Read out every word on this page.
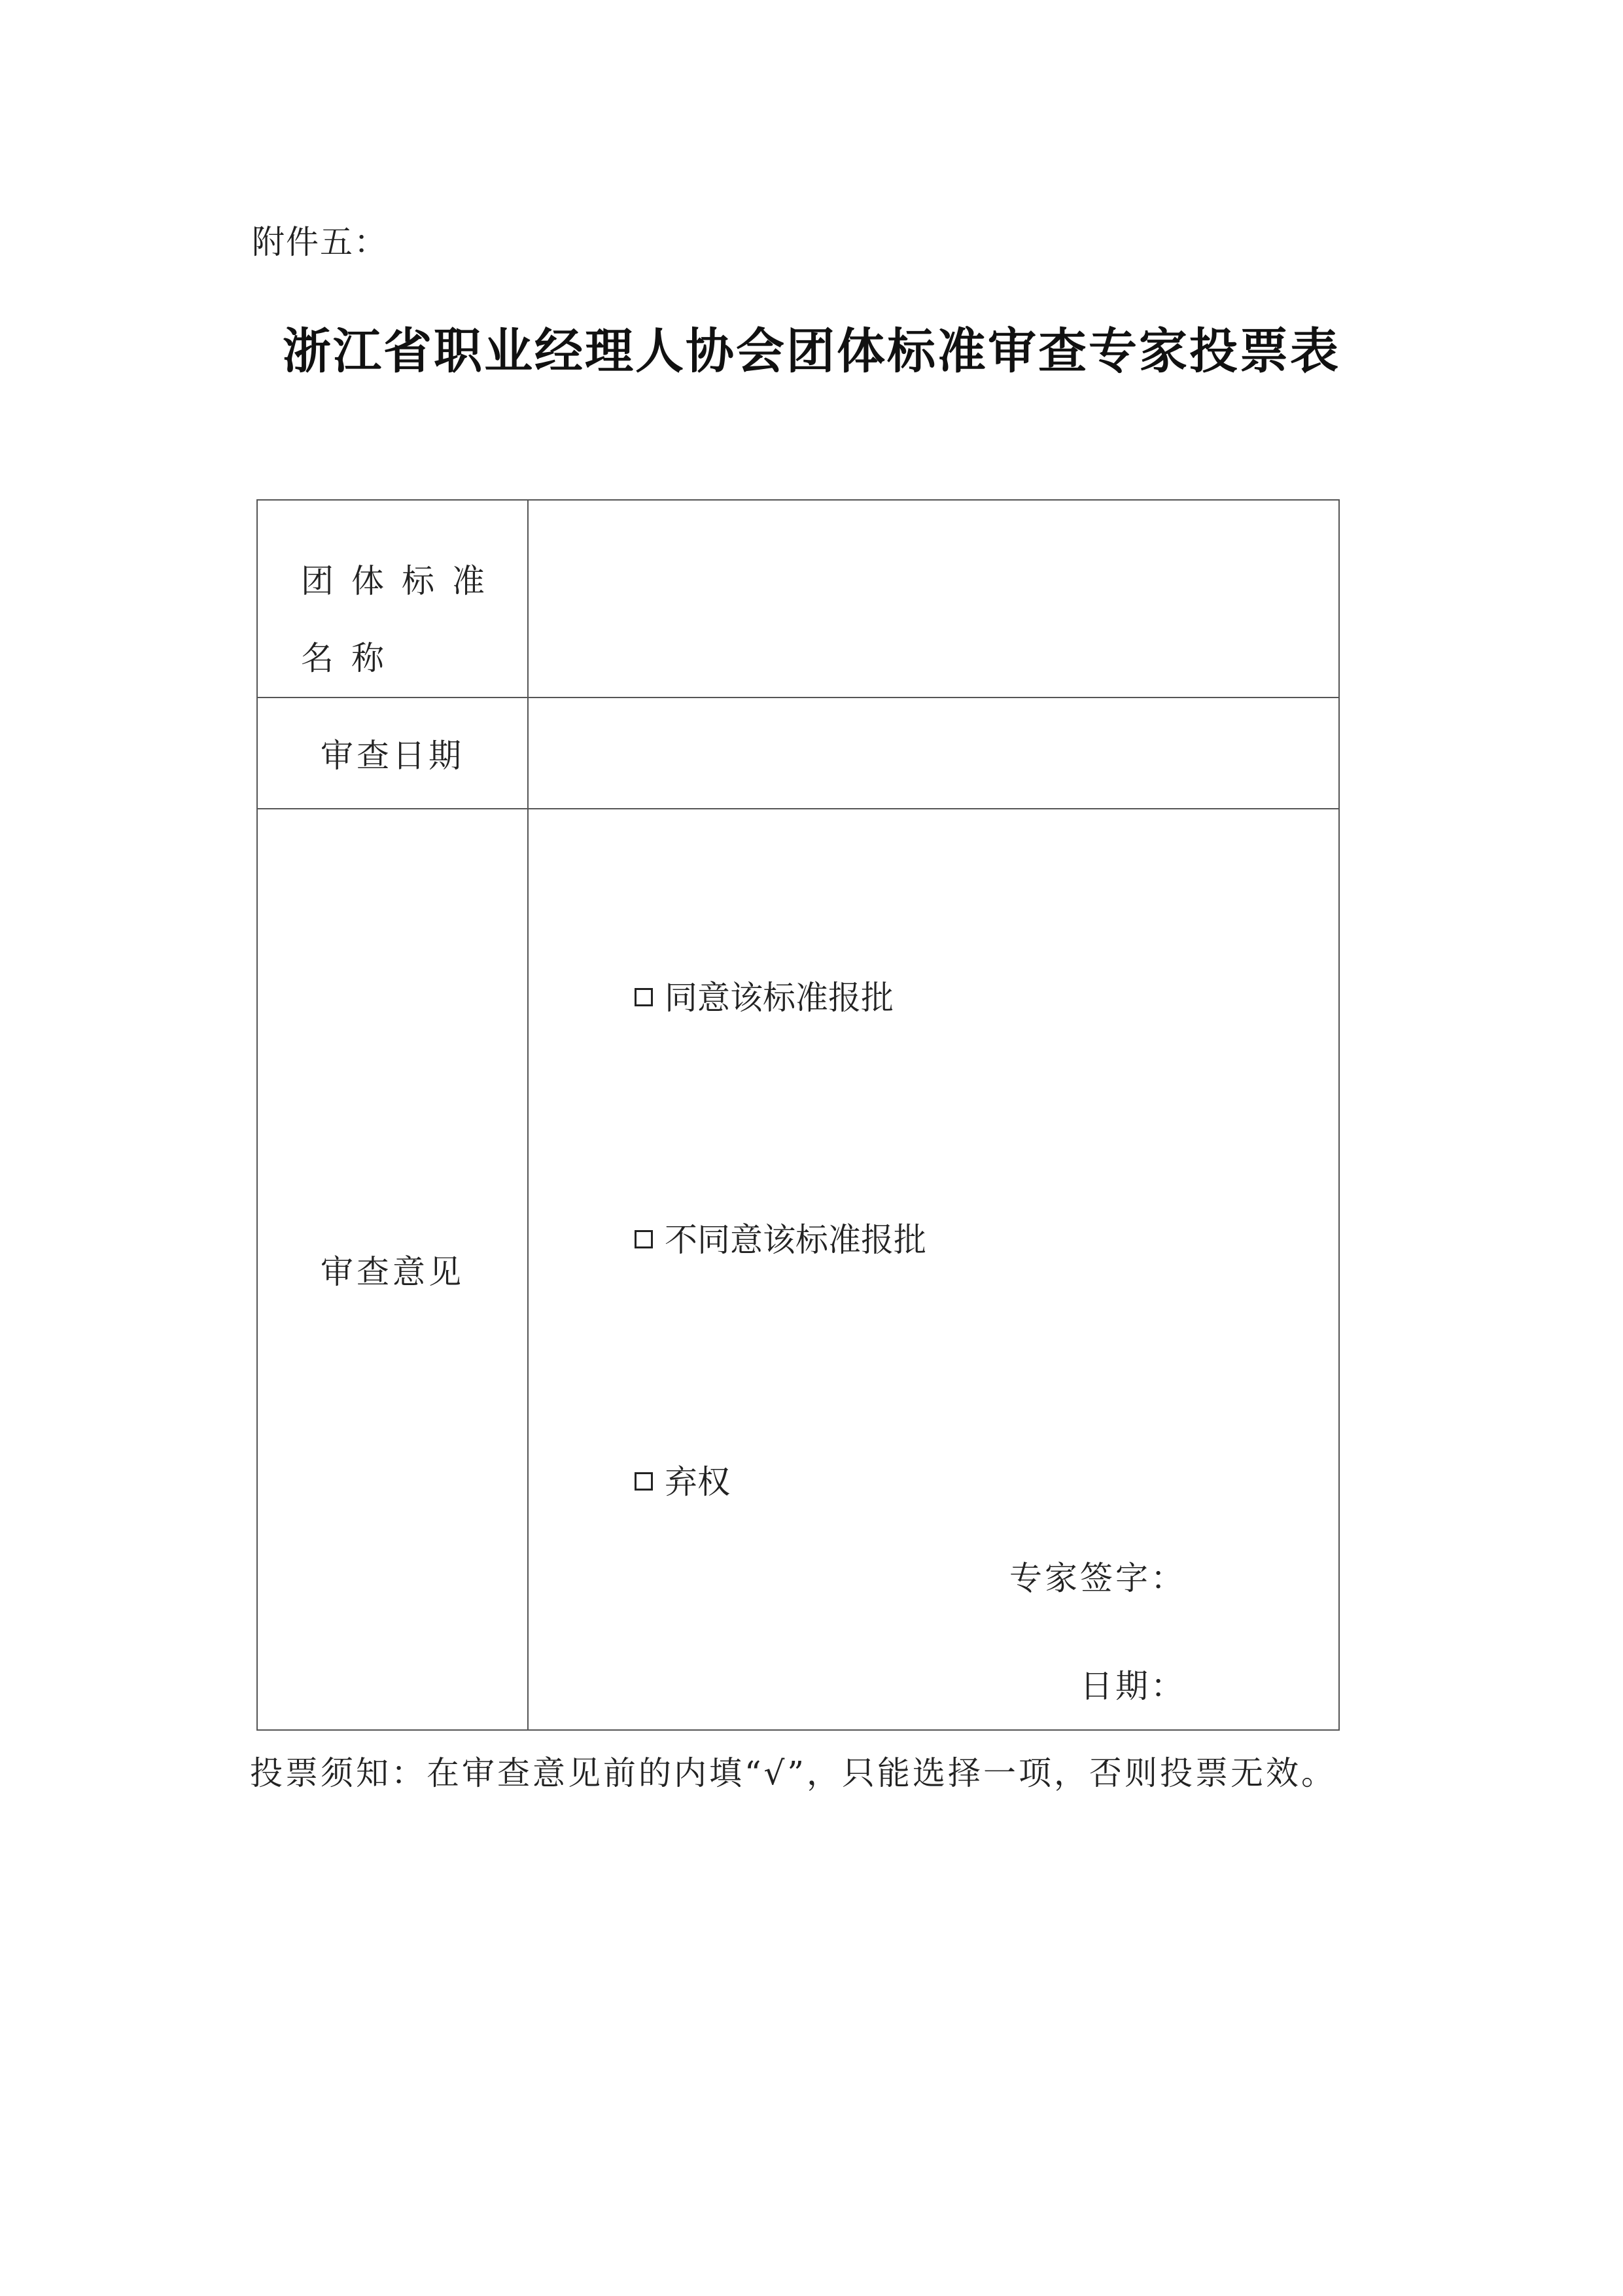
附件五：
浙江省职业经理人协会团体标准审查专家投票表
团体标准名称	
审查日期	
审查意见	同意该标准报批
不同意该标准报批
弃权
专家签字：
日期：
投票须知：在审查意见前的内填“√”，只能选择一项，否则投票无效。
